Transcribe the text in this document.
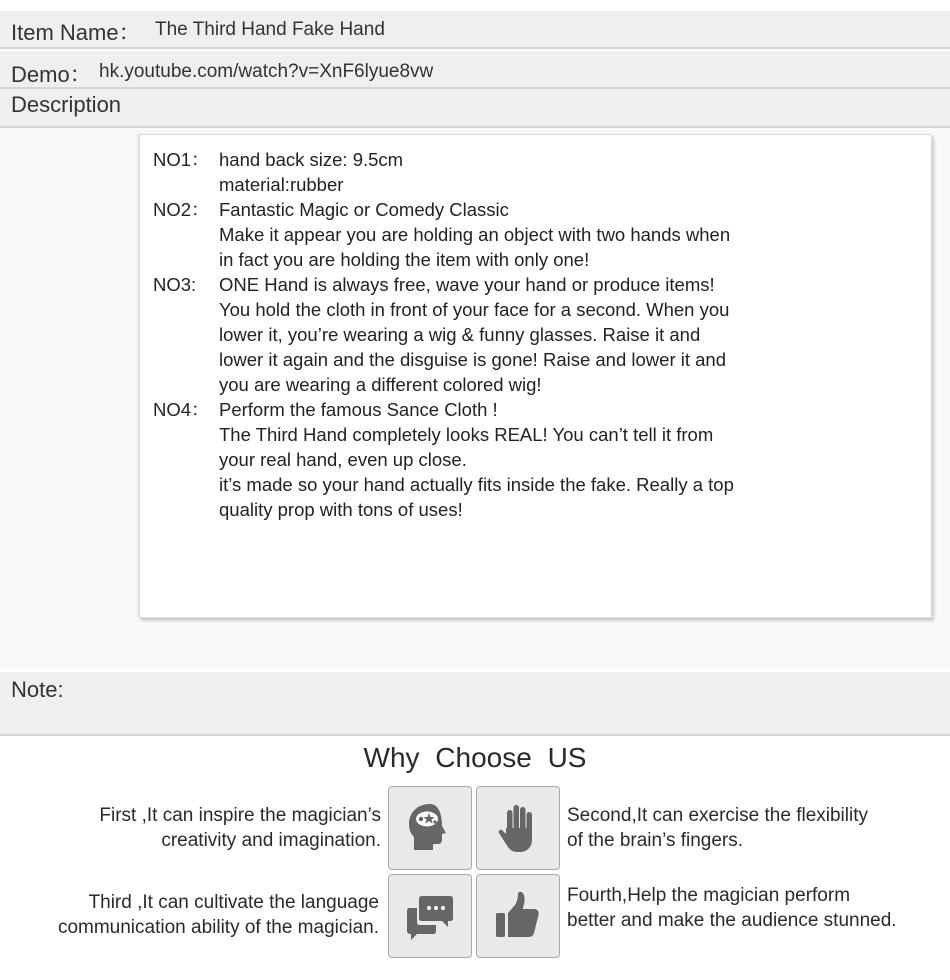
Item Name： The Third Hand Fake Hand
Demo： hk.youtube.com/watch?v=XnF6lyue8vw
Description
NO1： hand back size: 9.5cm
material:rubber
NO2： Fantastic Magic or Comedy Classic
Make it appear you are holding an object with two hands when
in fact you are holding the item with only one!
NO3: ONE Hand is always free, wave your hand or produce items!
You hold the cloth in front of your face for a second. When you
lower it, you’re wearing a wig & funny glasses. Raise it and
lower it again and the disguise is gone! Raise and lower it and
you are wearing a different colored wig!
NO4： Perform the famous Sance Cloth !
The Third Hand completely looks REAL! You can’t tell it from
your real hand, even up close.
it’s made so your hand actually fits inside the fake. Really a top
quality prop with tons of uses!
Note:
Why Choose US
First ,It can inspire the magician’s
creativity and imagination.
Second,It can exercise the flexibility
of the brain’s fingers.
Third ,It can cultivate the language
communication ability of the magician.
Fourth,Help the magician perform
better and make the audience stunned.
